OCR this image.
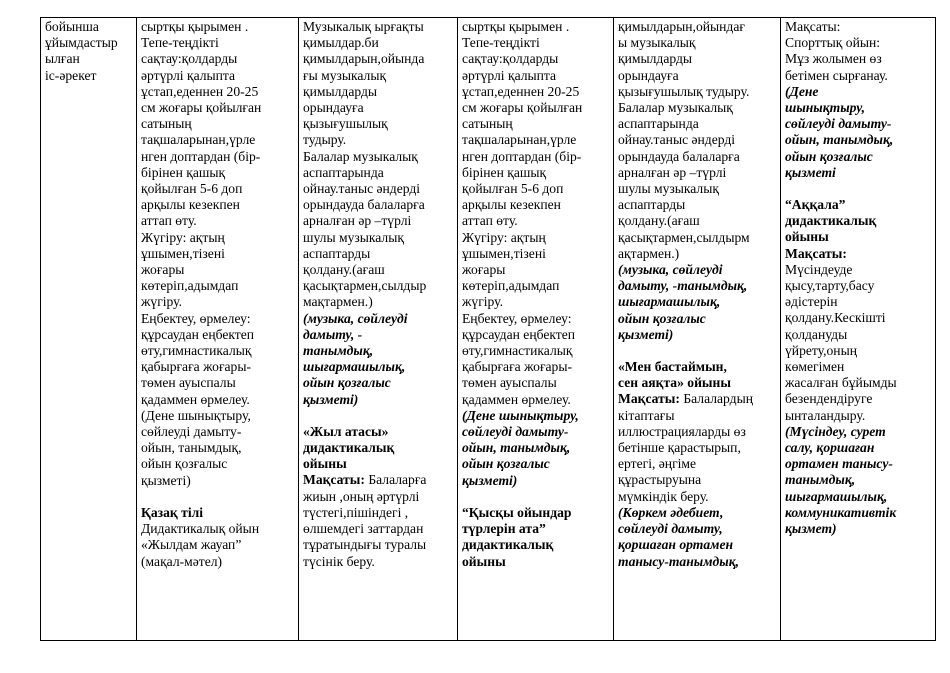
бойынша
ұйымдастыр
ылған
іс-әрекет

сыртқы қырымен .
Тепе-теңдікті
сақтау:қолдарды
әртүрлі қалыпта
ұстап,еденнен 20-25
см жоғары қойылған
сатының
тақшаларынан,үрле
нген доптардан (бір-
бірінен қашық
қойылған 5-6 доп
арқылы кезекпен
аттап өту.
Жүгіру: ақтың
ұшымен,тізені
жоғары
көтеріп,адымдап
жүгіру.
Еңбектеу, өрмелеу:
құрсаудан еңбектеп
өту,гимнастикалық
қабырғаға жоғары-
төмен ауыспалы
қадаммен өрмелеу.
(Дене шынықтыру,
сөйлеуді дамыту-
ойын, танымдық,
ойын қозғалыс
қызметі)
Қазақ тілі
Дидактикалық ойын
«Жылдам жауап”
(мақал-мәтел)

Музыкалық ырғақты
қимылдар.би
қимылдарын,ойында
ғы музыкалық
қимылдарды
орындауға
қызығушылық
тудыру.
Балалар музыкалық
аспаптарында
ойнау.таныс әндерді
орындауда балаларға
арналған әр –түрлі
шулы музыкалық
аспаптарды
қолдану.(ағаш
қасықтармен,сылдыр
мақтармен.)
(музыка, сөйлеуді
дамыту, -
танымдық,
шығармашылық,
ойын қозғалыс
қызметі)
«Жыл атасы»
дидактикалық
ойыны
Мақсаты: Балаларға
жиын ,оның әртүрлі
түстегі,пішіндегі ,
өлшемдегі заттардан
тұратындығы туралы
түсінік беру.

сыртқы қырымен .
Тепе-теңдікті
сақтау:қолдарды
әртүрлі қалыпта
ұстап,еденнен 20-25
см жоғары қойылған
сатының
тақшаларынан,үрле
нген доптардан (бір-
бірінен қашық
қойылған 5-6 доп
арқылы кезекпен
аттап өту.
Жүгіру: ақтың
ұшымен,тізені
жоғары
көтеріп,адымдап
жүгіру.
Еңбектеу, өрмелеу:
құрсаудан еңбектеп
өту,гимнастикалық
қабырғаға жоғары-
төмен ауыспалы
қадаммен өрмелеу.
(Дене шынықтыру,
сөйлеуді дамыту-
ойын, танымдық,
ойын қозғалыс
қызметі)
“Қысқы ойындар
түрлерін ата”
дидактикалық
ойыны

қимылдарын,ойындағ
ы музыкалық
қимылдарды
орындауға
қызығушылық тудыру.
Балалар музыкалық
аспаптарында
ойнау.таныс әндерді
орындауда балаларға
арналған әр –түрлі
шулы музыкалық
аспаптарды
қолдану.(ағаш
қасықтармен,сылдырм
ақтармен.)
(музыка, сөйлеуді
дамыту, -танымдық,
шығармашылық,
ойын қозғалыс
қызметі)
«Мен бастаймын,
сен аяқта» ойыны
Мақсаты: Балалардың
кітаптағы
иллюстрацияларды өз
бетінше қарастырып,
ертегі, әңгіме
құрастыруына
мүмкіндік беру.
(Көркем әдебиет,
сөйлеуді дамыту,
қоршаған ортамен
танысу-танымдық,

Мақсаты:
Спорттық ойын:
Мұз жолымен өз
бетімен сырғанау.
(Дене
шынықтыру,
сөйлеуді дамыту-
ойын, танымдық,
ойын қозғалыс
қызметі
“Аққала”
дидактикалық
ойыны
Мақсаты:
Мүсіндеуде
қысу,тарту,басу
әдістерін
қолдану.Кескішті
қолдануды
үйрету,оның
көмегімен
жасалған бұйымды
безендендіруге
ынталандыру.
(Мүсіндеу, сурет
салу, қоршаған
ортамен танысу-
танымдық,
шығармашылық,
коммуникативтік
қызмет)
